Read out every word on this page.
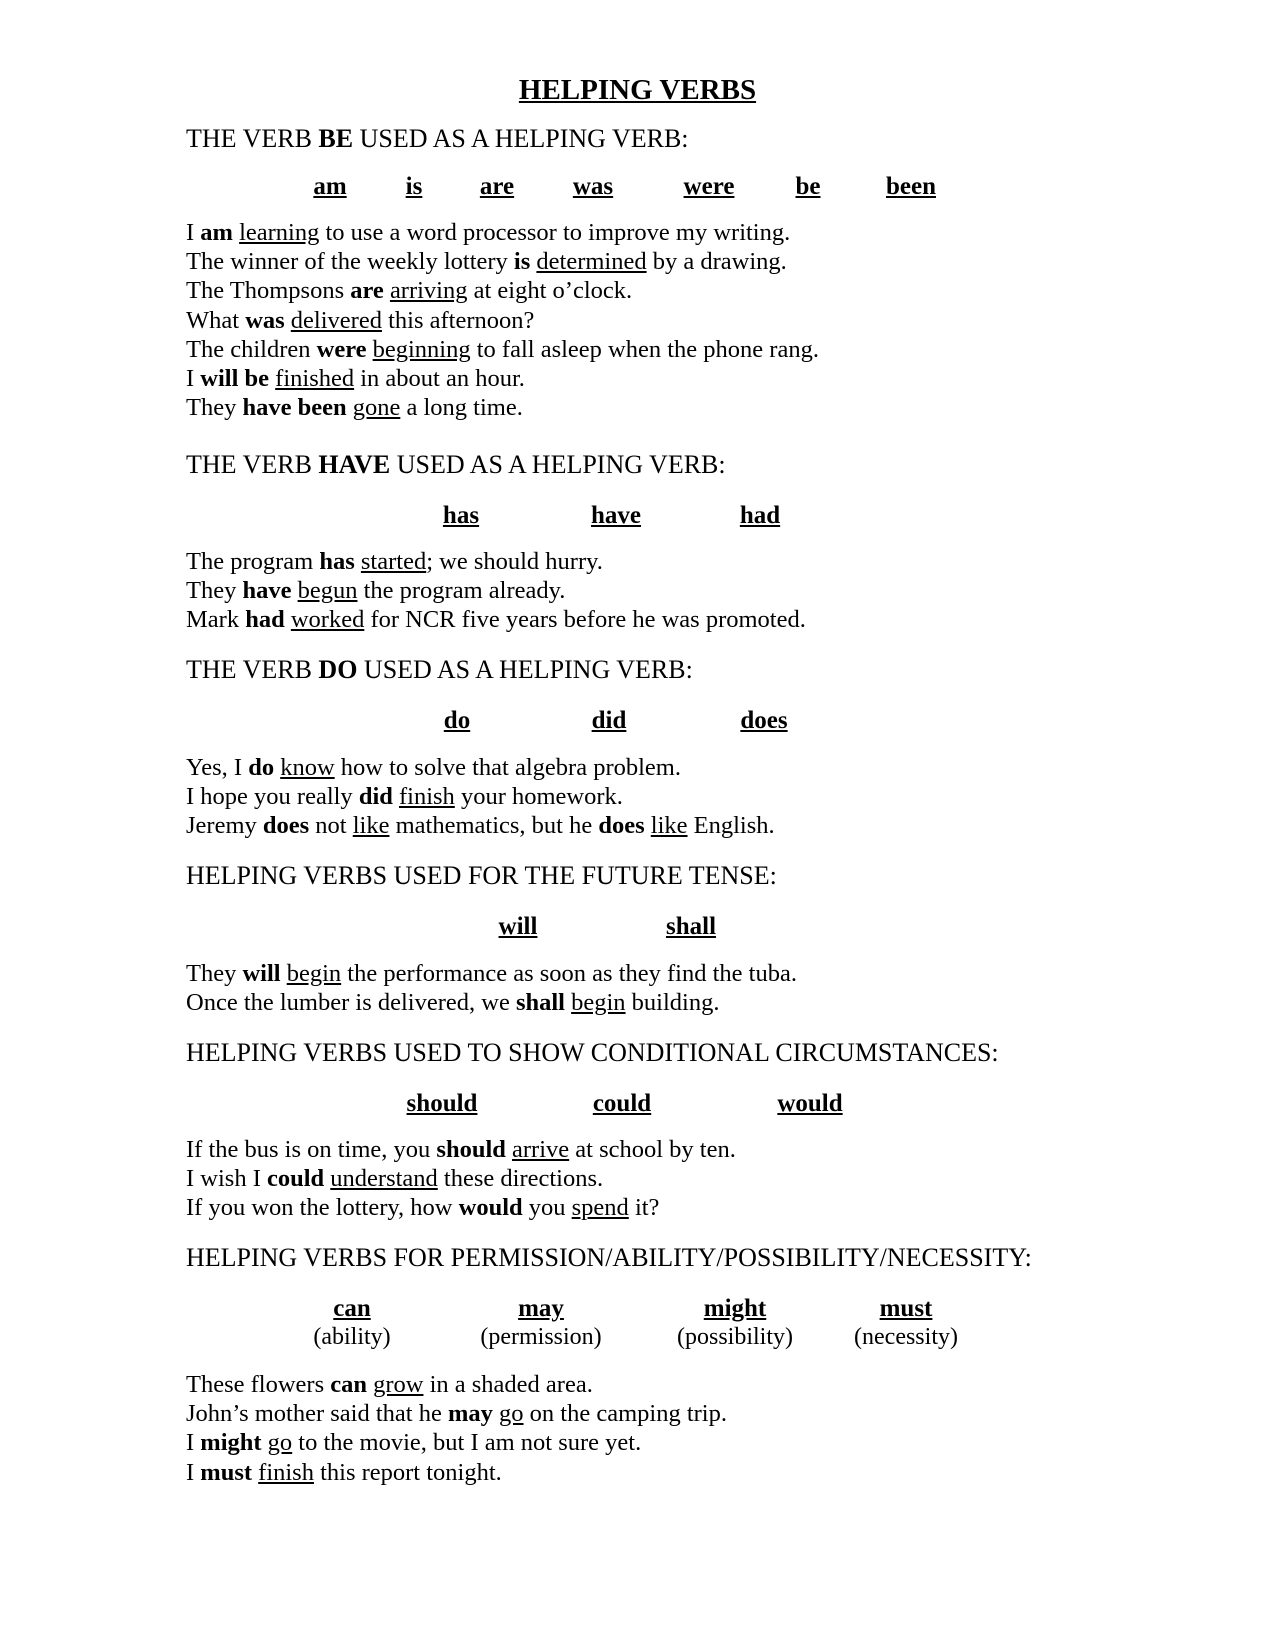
HELPING VERBS
THE VERB BE USED AS A HELPING VERB:
am is are was	were be	been
I am learning to use a word processor to improve my writing.
The winner of the weekly lottery is determined by a drawing.
The Thompsons are arriving at eight o’clock.
What was delivered this afternoon?
The children were beginning to fall asleep when the phone rang.
I will be finished in about an hour.
They have been gone a long time.
THE VERB HAVE USED AS A HELPING VERB:
has	have	had
The program has started; we should hurry.
They have begun the program already.
Mark had worked for NCR five years before he was promoted.
THE VERB DO USED AS A HELPING VERB:
do	did	does
Yes, I do know how to solve that algebra problem.
I hope you really did finish your homework.
Jeremy does not like mathematics, but he does like English.
HELPING VERBS USED FOR THE FUTURE TENSE:
will	shall
They will begin the performance as soon as they find the tuba.
Once the lumber is delivered, we shall begin building.
HELPING VERBS USED TO SHOW CONDITIONAL CIRCUMSTANCES:
should	could	would
If the bus is on time, you should arrive at school by ten.
I wish I could understand these directions.
If you won the lottery, how would you spend it?
HELPING VERBS FOR PERMISSION/ABILITY/POSSIBILITY/NECESSITY:
can	may	might	must
(ability)	(permission)	(possibility)	(necessity)
These flowers can grow in a shaded area.
John’s mother said that he may go on the camping trip.
I might go to the movie, but I am not sure yet.
I must finish this report tonight.
